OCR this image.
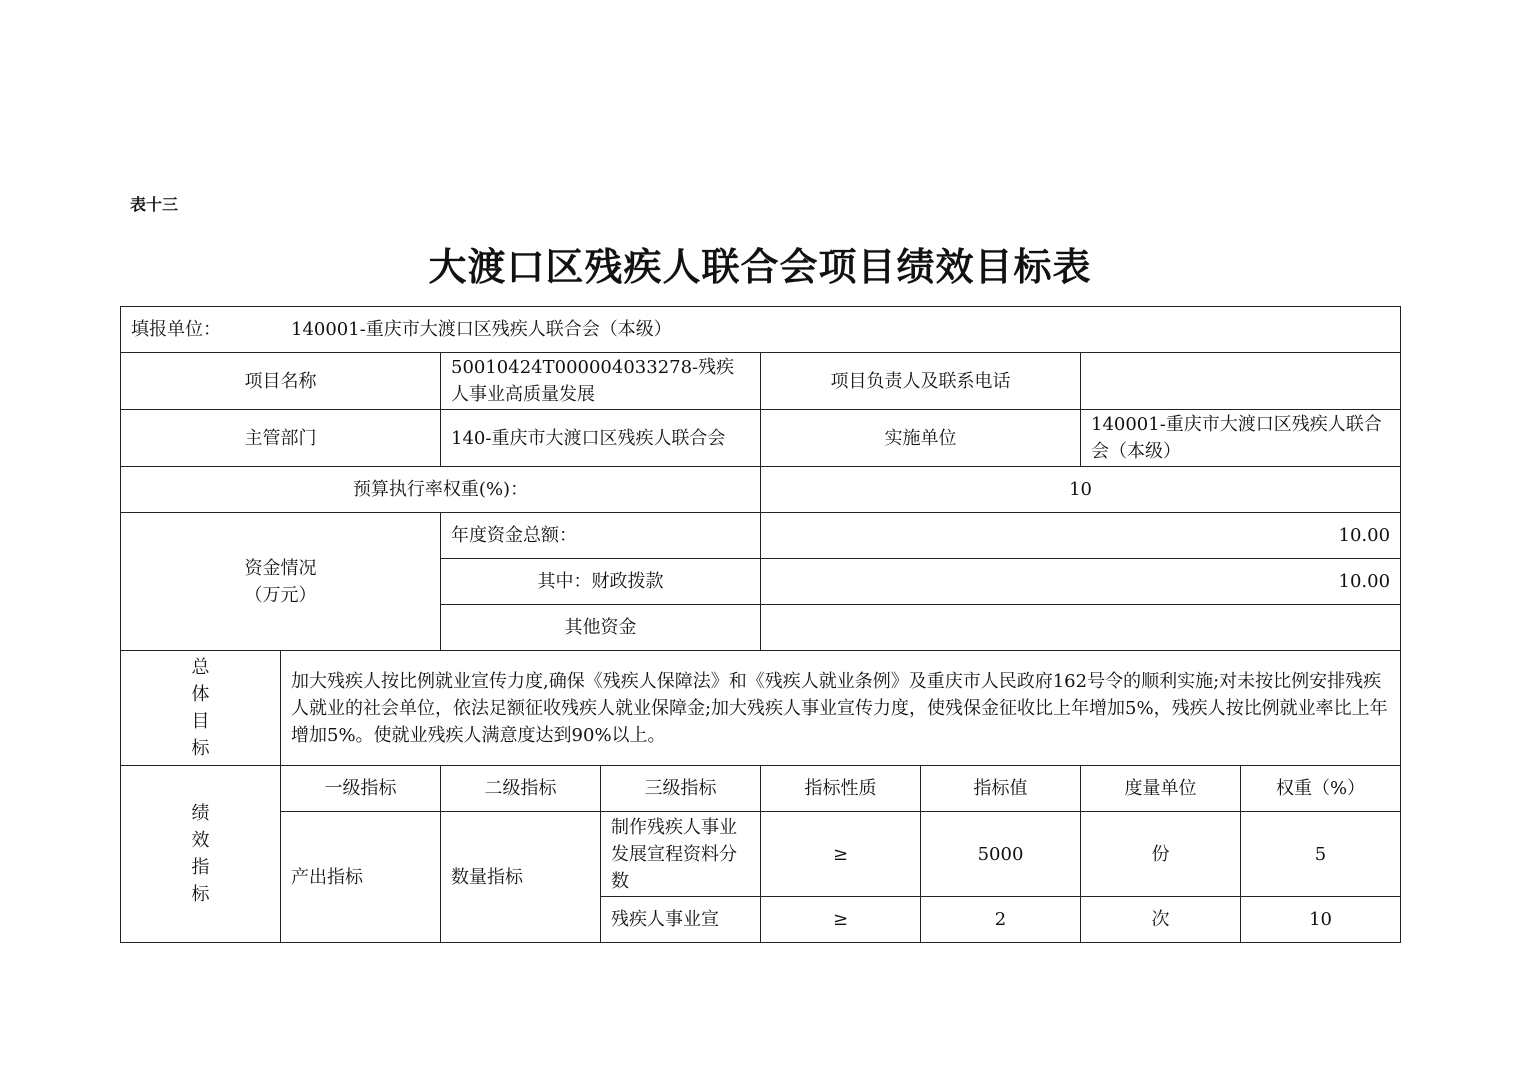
表十三
大渡口区残疾人联合会项目绩效目标表
填报单位： 140001-重庆市大渡口区残疾人联合会（本级）							
项目名称		50010424T000004033278-残疾人事业高质量发展		项目负责人及联系电话			
主管部门		140-重庆市大渡口区残疾人联合会		实施单位		140001-重庆市大渡口区残疾人联合会（本级）	
预算执行率权重(%)：				10			

资金情况
（万元）		年度资金总额：		10.00			
		其中：财政拨款		10.00			
		其他资金					

总
体
目
标	加大残疾人按比例就业宣传力度,确保《残疾人保障法》和《残疾人就业条例》及重庆市人民政府162号令的顺利实施;对未按比例安排残疾人就业的社会单位，依法足额征收残疾人就业保障金;加大残疾人事业宣传力度，使残保金征收比上年增加5%，残疾人按比例就业率比上年增加5%。使就业残疾人满意度达到90%以上。						

绩
效
指
标	一级指标	二级指标	三级指标	指标性质	指标值	度量单位	权重（%）
	产出指标	数量指标	制作残疾人事业发展宣程资料分数	≥	5000	份	5
			残疾人事业宣	≥	2	次	10
